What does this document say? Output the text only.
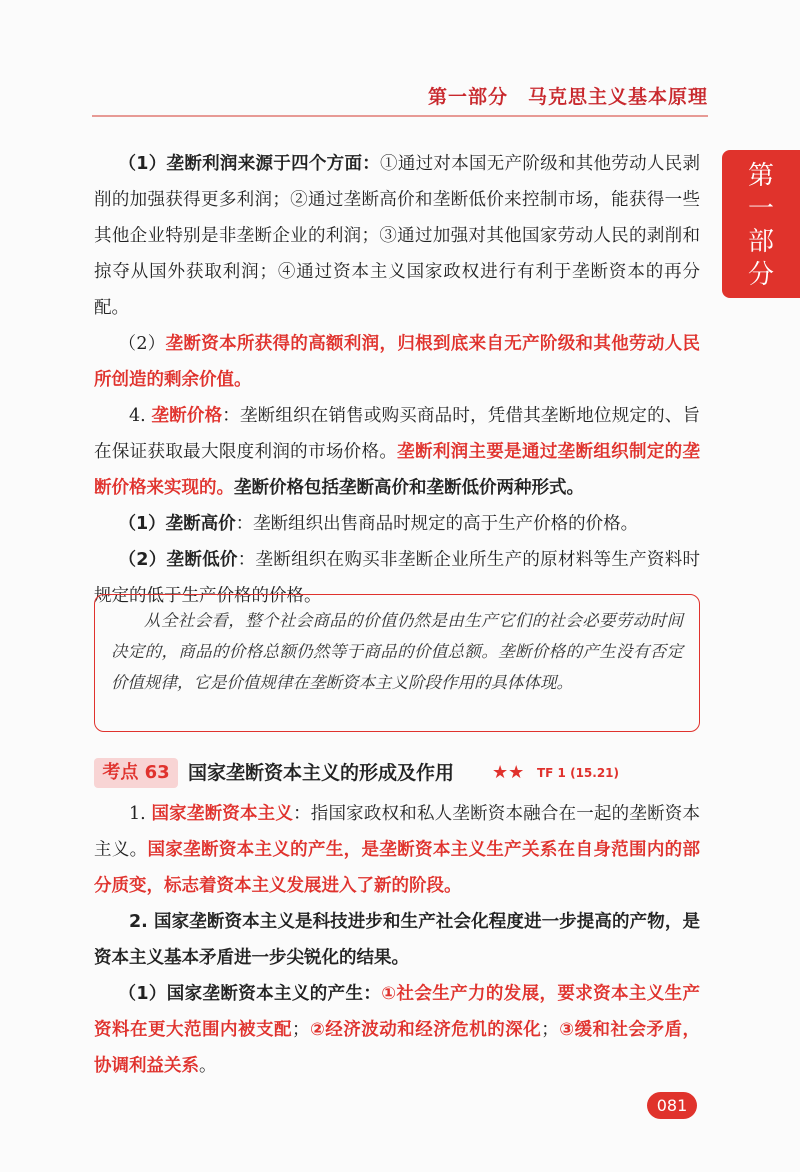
第一部分　马克思主义基本原理
第一部分

（1）垄断利润来源于四个方面：①通过对本国无产阶级和其他劳动人民剥削的加强获得更多利润；②通过垄断高价和垄断低价来控制市场，能获得一些其他企业特别是非垄断企业的利润；③通过加强对其他国家劳动人民的剥削和掠夺从国外获取利润；④通过资本主义国家政权进行有利于垄断资本的再分配。

（2）垄断资本所获得的高额利润，归根到底来自无产阶级和其他劳动人民所创造的剩余价值。

4. 垄断价格：垄断组织在销售或购买商品时，凭借其垄断地位规定的、旨在保证获取最大限度利润的市场价格。垄断利润主要是通过垄断组织制定的垄断价格来实现的。垄断价格包括垄断高价和垄断低价两种形式。

（1）垄断高价：垄断组织出售商品时规定的高于生产价格的价格。

（2）垄断低价：垄断组织在购买非垄断企业所生产的原材料等生产资料时规定的低于生产价格的价格。

从全社会看，整个社会商品的价值仍然是由生产它们的社会必要劳动时间决定的，商品的价格总额仍然等于商品的价值总额。垄断价格的产生没有否定价值规律，它是价值规律在垄断资本主义阶段作用的具体体现。
考点 63 国家垄断资本主义的形成及作用 ★★ TF 1 (15.21)

1. 国家垄断资本主义：指国家政权和私人垄断资本融合在一起的垄断资本主义。国家垄断资本主义的产生，是垄断资本主义生产关系在自身范围内的部分质变，标志着资本主义发展进入了新的阶段。

2. 国家垄断资本主义是科技进步和生产社会化程度进一步提高的产物，是资本主义基本矛盾进一步尖锐化的结果。

（1）国家垄断资本主义的产生：①社会生产力的发展，要求资本主义生产资料在更大范围内被支配；②经济波动和经济危机的深化；③缓和社会矛盾，协调利益关系。

081
